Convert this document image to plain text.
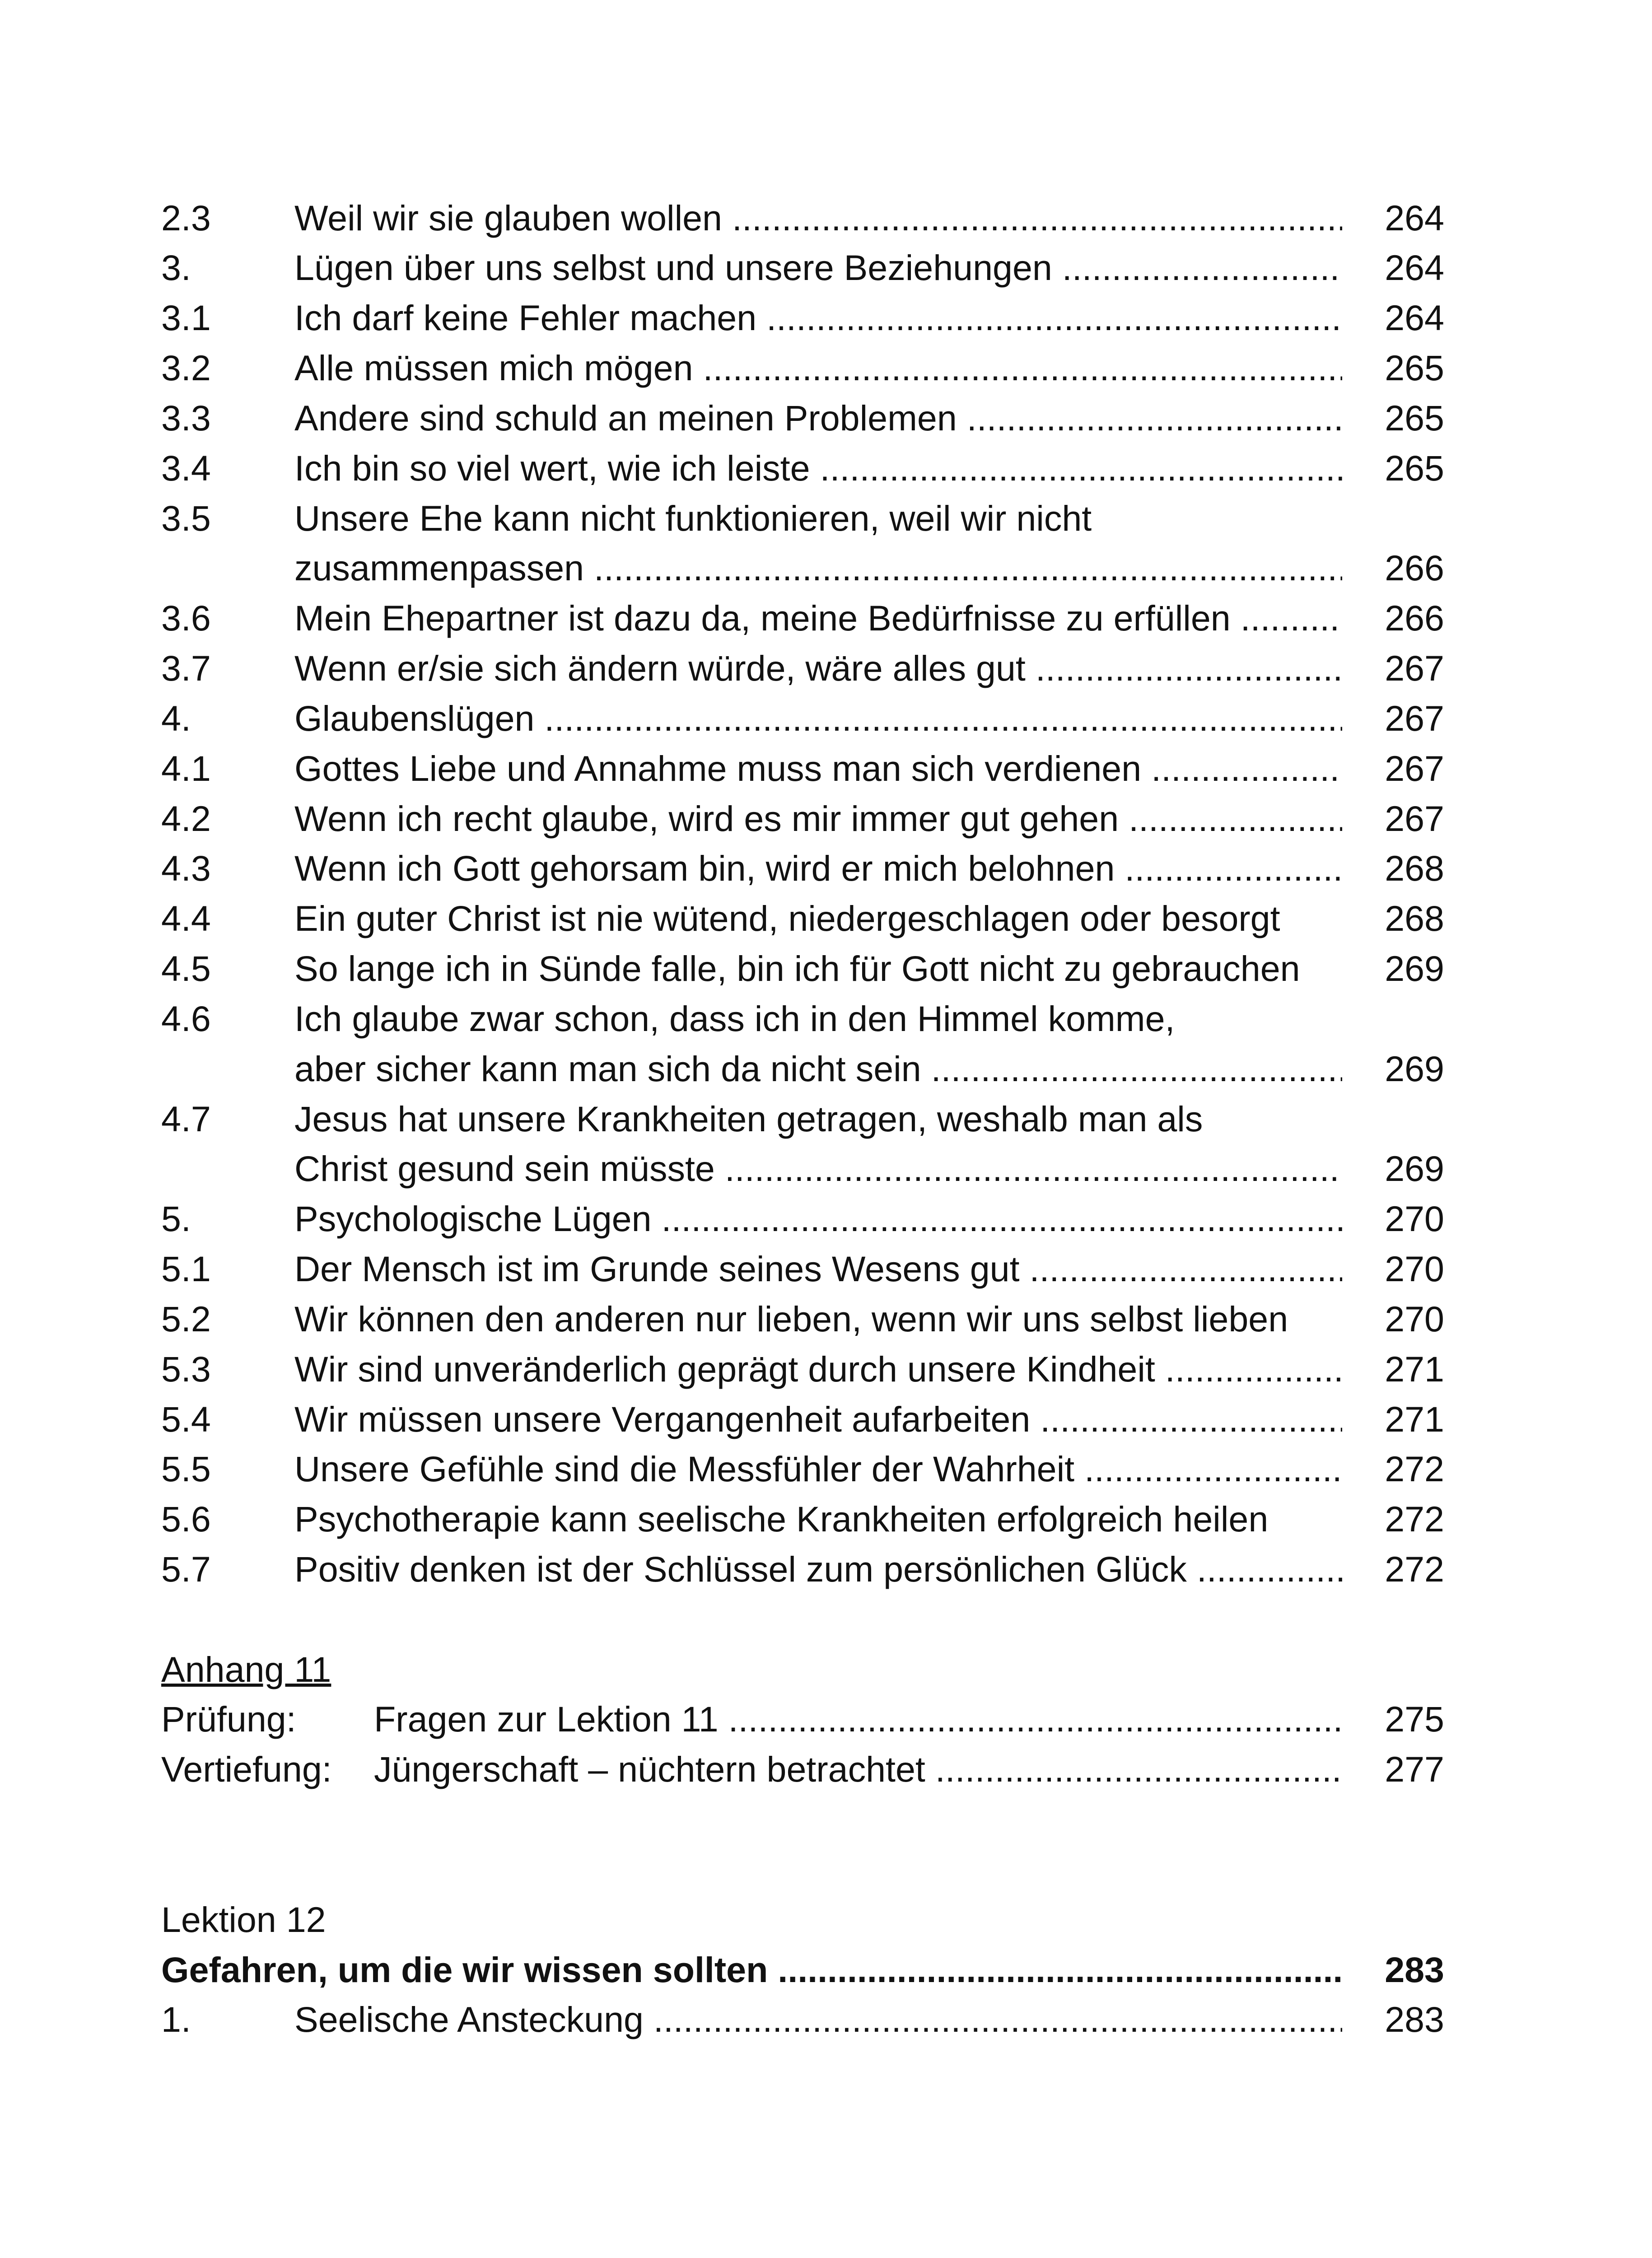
2.3 Weil wir sie glauben wollen .....	264
3.	Lügen über uns selbst und unsere Beziehungen .....	264
3.1 Ich darf keine Fehler machen .....	264
3.2 Alle müssen mich mögen .....	265
3.3 Andere sind schuld an meinen Problemen .....	265
3.4 Ich bin so viel wert, wie ich leiste .....	265
3.5 Unsere Ehe kann nicht funktionieren, weil wir nicht
zusammenpassen .....	266
3.6 Mein Ehepartner ist dazu da, meine Bedürfnisse zu erfüllen .....	266
3.7 Wenn er/sie sich ändern würde, wäre alles gut .....	267
4.	Glaubenslügen .....	267
4.1 Gottes Liebe und Annahme muss man sich verdienen .....	267
4.2 Wenn ich recht glaube, wird es mir immer gut gehen .....	267
4.3 Wenn ich Gott gehorsam bin, wird er mich belohnen .....	268
4.4 Ein guter Christ ist nie wütend, niedergeschlagen oder besorgt	268
4.5 So lange ich in Sünde falle, bin ich für Gott nicht zu gebrauchen 269
4.6 Ich glaube zwar schon, dass ich in den Himmel komme,
aber sicher kann man sich da nicht sein .....	269
4.7 Jesus hat unsere Krankheiten getragen, weshalb man als
Christ gesund sein müsste .....	269
5.	Psychologische Lügen .....	270
5.1 Der Mensch ist im Grunde seines Wesens gut .....	270
5.2 Wir können den anderen nur lieben, wenn wir uns selbst lieben	270
5.3 Wir sind unveränderlich geprägt durch unsere Kindheit .....	271
5.4 Wir müssen unsere Vergangenheit aufarbeiten .....	271
5.5 Unsere Gefühle sind die Messfühler der Wahrheit .....	272
5.6 Psychotherapie kann seelische Krankheiten erfolgreich heilen	272
5.7 Positiv denken ist der Schlüssel zum persönlichen Glück .....	272
Anhang 11
Prüfung: Fragen zur Lektion 11 .....	275
Vertiefung: Jüngerschaft – nüchtern betrachtet .....	277
Lektion 12
Gefahren, um die wir wissen sollten .....	283
1.	Seelische Ansteckung .....	283
